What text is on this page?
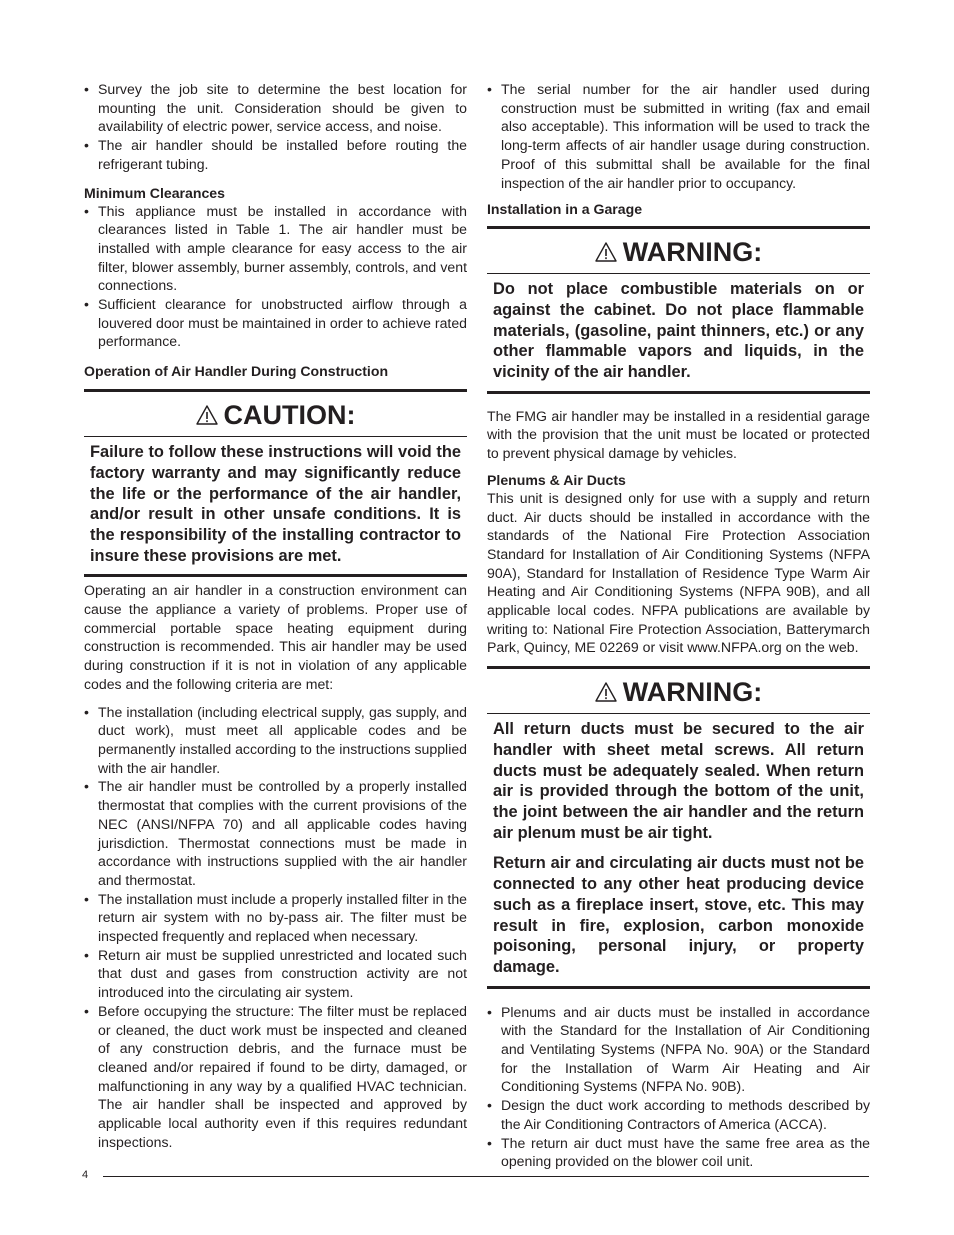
• Survey the job site to determine the best location for mounting the unit. Consideration should be given to availability of electric power, service access, and noise.
• The air handler should be installed before routing the refrigerant tubing.

Minimum Clearances

• This appliance must be installed in accordance with clearances listed in Table 1. The air handler must be installed with ample clearance for easy access to the air filter, blower assembly, burner assembly, controls, and vent connections.
• Sufficient clearance for unobstructed airflow through a louvered door must be maintained in order to achieve rated performance.

Operation of Air Handler During Construction

CAUTION:

Failure to follow these instructions will void the factory warranty and may significantly reduce the life or the performance of the air handler, and/or result in other unsafe conditions. It is the responsibility of the installing contractor to insure these provisions are met.

Operating an air handler in a construction environment can cause the appliance a variety of problems. Proper use of commercial portable space heating equipment during construction is recommended. This air handler may be used during construction if it is not in violation of any applicable codes and the following criteria are met:

• The installation (including electrical supply, gas supply, and duct work), must meet all applicable codes and be permanently installed according to the instructions supplied with the air handler.
• The air handler must be controlled by a properly installed thermostat that complies with the current provisions of the NEC (ANSI/NFPA 70) and all applicable codes having jurisdiction. Thermostat connections must be made in accordance with instructions supplied with the air handler and thermostat.
• The installation must include a properly installed filter in the return air system with no by-pass air. The filter must be inspected frequently and replaced when necessary.
• Return air must be supplied unrestricted and located such that dust and gases from construction activity are not introduced into the circulating air system.
• Before occupying the structure: The filter must be replaced or cleaned, the duct work must be inspected and cleaned of any construction debris, and the furnace must be cleaned and/or repaired if found to be dirty, damaged, or malfunctioning in any way by a qualified HVAC technician. The air handler shall be inspected and approved by applicable local authority even if this requires redundant inspections.
• The serial number for the air handler used during construction must be submitted in writing (fax and email also acceptable). This information will be used to track the long-term affects of air handler usage during construction. Proof of this submittal shall be available for the final inspection of the air handler prior to occupancy.

Installation in a Garage

WARNING:

Do not place combustible materials on or against the cabinet. Do not place flammable materials, (gasoline, paint thinners, etc.) or any other flammable vapors and liquids, in the vicinity of the air handler.

The FMG air handler may be installed in a residential garage with the provision that the unit must be located or protected to prevent physical damage by vehicles.

Plenums & Air Ducts

This unit is designed only for use with a supply and return duct. Air ducts should be installed in accordance with the standards of the National Fire Protection Association Standard for Installation of Air Conditioning Systems (NFPA 90A), Standard for Installation of Residence Type Warm Air Heating and Air Conditioning Systems (NFPA 90B), and all applicable local codes. NFPA publications are available by writing to: National Fire Protection Association, Batterymarch Park, Quincy, ME 02269 or visit www.NFPA.org on the web.

WARNING:

All return ducts must be secured to the air handler with sheet metal screws. All return ducts must be adequately sealed. When return air is provided through the bottom of the unit, the joint between the air handler and the return air plenum must be air tight.

Return air and circulating air ducts must not be connected to any other heat producing device such as a fireplace insert, stove, etc. This may result in fire, explosion, carbon monoxide poisoning, personal injury, or property damage.

• Plenums and air ducts must be installed in accordance with the Standard for the Installation of Air Conditioning and Ventilating Systems (NFPA No. 90A) or the Standard for the Installation of Warm Air Heating and Air Conditioning Systems (NFPA No. 90B).
• Design the duct work according to methods described by the Air Conditioning Contractors of America (ACCA).
• The return air duct must have the same free area as the opening provided on the blower coil unit.
4
